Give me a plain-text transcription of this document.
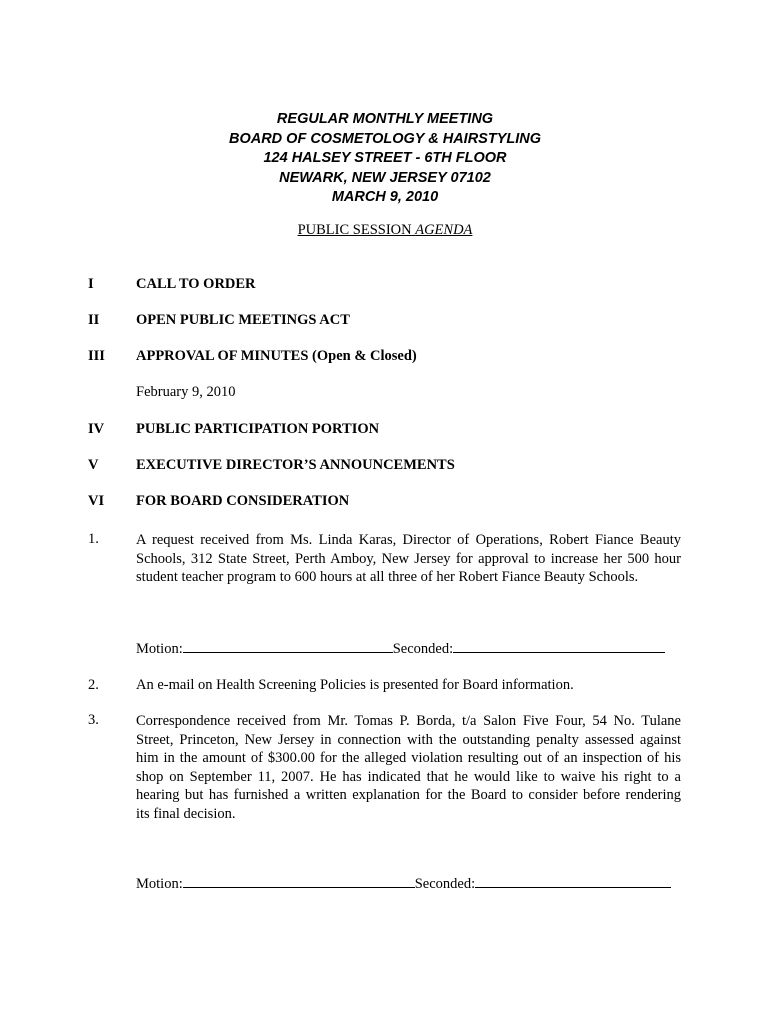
REGULAR MONTHLY MEETING
BOARD OF COSMETOLOGY & HAIRSTYLING
124 HALSEY STREET - 6TH FLOOR
NEWARK, NEW JERSEY 07102
MARCH 9, 2010
PUBLIC SESSION AGENDA
I	CALL TO ORDER
II	OPEN PUBLIC MEETINGS ACT
III APPROVAL OF MINUTES (Open & Closed)
February 9, 2010
IV PUBLIC PARTICIPATION PORTION
V	EXECUTIVE DIRECTOR’S ANNOUNCEMENTS
VI FOR BOARD CONSIDERATION
1.	A request received from Ms. Linda Karas, Director of Operations, Robert Fiance Beauty
Schools, 312 State Street, Perth Amboy, New Jersey for approval to increase her 500 hour
student teacher program to 600 hours at all three of her Robert Fiance Beauty Schools.
Motion:	Seconded:
2.	An e-mail on Health Screening Policies is presented for Board information.
3.	Correspondence received from Mr. Tomas P. Borda, t/a Salon Five Four, 54 No. Tulane
Street, Princeton, New Jersey in connection with the outstanding penalty assessed against
him in the amount of $300.00 for the alleged violation resulting out of an inspection of his
shop on September 11, 2007. He has indicated that he would like to waive his right to a
hearing but has furnished a written explanation for the Board to consider before rendering
its final decision.
Motion:	Seconded:
